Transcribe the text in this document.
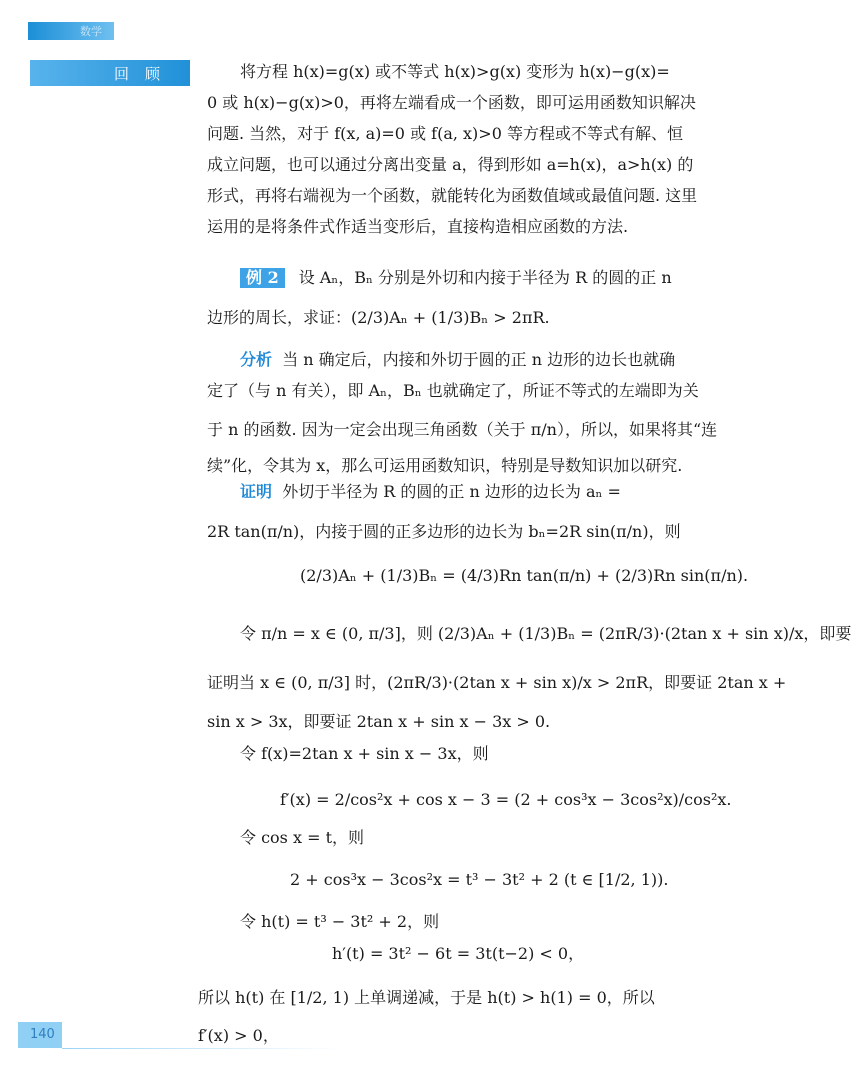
数学
回顾	将方程 h(x)=g(x) 或不等式 h(x)>g(x) 变形为 h(x)−g(x)=
0 或 h(x)−g(x)>0，再将左端看成一个函数，即可运用函数知识解决
问题. 当然，对于 f(x, a)=0 或 f(a, x)>0 等方程或不等式有解、恒
成立问题，也可以通过分离出变量 a，得到形如 a=h(x)，a>h(x) 的
形式，再将右端视为一个函数，就能转化为函数值域或最值问题. 这里
运用的是将条件式作适当变形后，直接构造相应函数的方法.
例 2 设 Aₙ，Bₙ 分别是外切和内接于半径为 R 的圆的正 n
边形的周长，求证：(2/3)Aₙ + (1/3)Bₙ > 2πR.
分析 当 n 确定后，内接和外切于圆的正 n 边形的边长也就确
定了（与 n 有关），即 Aₙ，Bₙ 也就确定了，所证不等式的左端即为关
于 n 的函数. 因为一定会出现三角函数（关于 π/n），所以，如果将其“连
续”化，令其为 x，那么可运用函数知识，特别是导数知识加以研究.
证明 外切于半径为 R 的圆的正 n 边形的边长为 aₙ =
2R tan(π/n)，内接于圆的正多边形的边长为 bₙ=2R sin(π/n)，则
(2/3)Aₙ + (1/3)Bₙ = (4/3)Rn tan(π/n) + (2/3)Rn sin(π/n).
令 π/n = x ∈ (0, π/3]，则 (2/3)Aₙ + (1/3)Bₙ = (2πR/3)·(2tan x + sin x)/x，即要
证明当 x ∈ (0, π/3] 时，(2πR/3)·(2tan x + sin x)/x > 2πR，即要证 2tan x +
sin x > 3x，即要证 2tan x + sin x − 3x > 0.
令 f(x)=2tan x + sin x − 3x，则
f′(x) = 2/cos²x + cos x − 3 = (2 + cos³x − 3cos²x)/cos²x.
令 cos x = t，则
2 + cos³x − 3cos²x = t³ − 3t² + 2 (t ∈ [1/2, 1)).
令 h(t) = t³ − 3t² + 2，则
h′(t) = 3t² − 6t = 3t(t−2) < 0，
所以 h(t) 在 [1/2, 1) 上单调递减，于是 h(t) > h(1) = 0，所以
f′(x) > 0，
140
